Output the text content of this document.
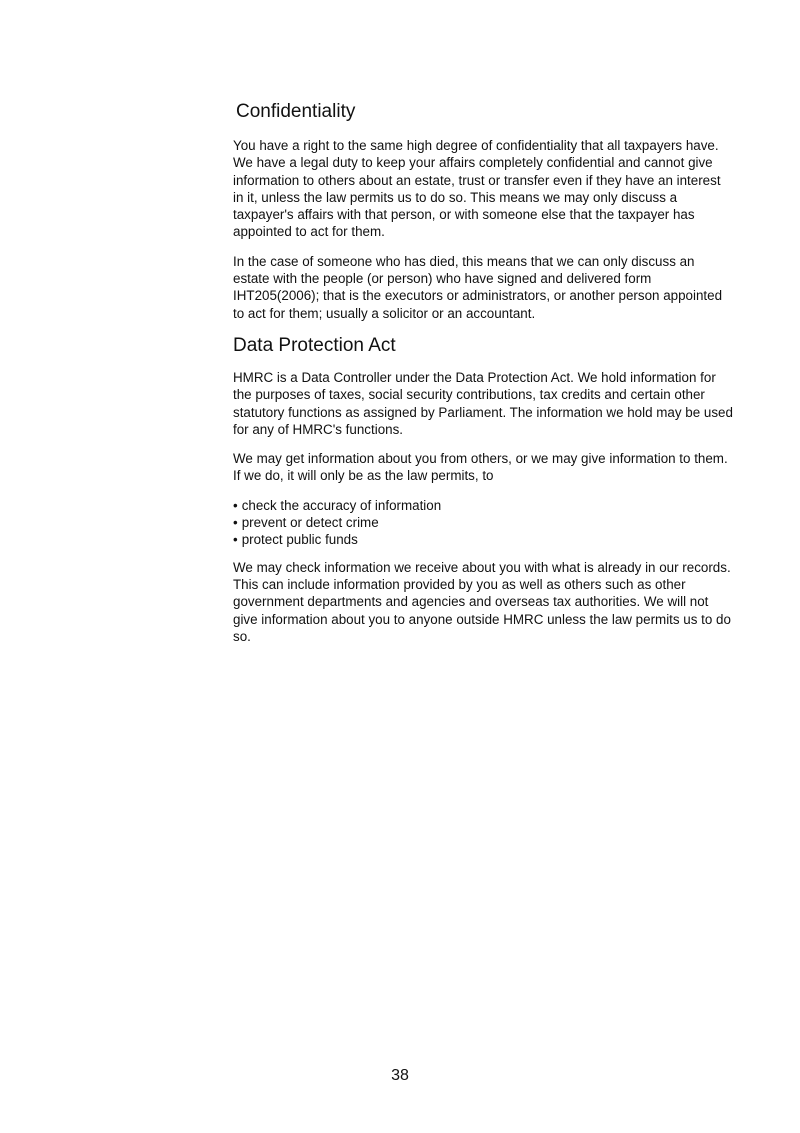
Confidentiality

You have a right to the same high degree of confidentiality that all taxpayers have. We have a legal duty to keep your affairs completely confidential and cannot give information to others about an estate, trust or transfer even if they have an interest in it, unless the law permits us to do so. This means we may only discuss a taxpayer's affairs with that person, or with someone else that the taxpayer has appointed to act for them.

In the case of someone who has died, this means that we can only discuss an estate with the people (or person) who have signed and delivered form IHT205(2006); that is the executors or administrators, or another person appointed to act for them; usually a solicitor or an accountant.

Data Protection Act

HMRC is a Data Controller under the Data Protection Act. We hold information for the purposes of taxes, social security contributions, tax credits and certain other statutory functions as assigned by Parliament. The information we hold may be used for any of HMRC's functions.

We may get information about you from others, or we may give information to them. If we do, it will only be as the law permits, to

• check the accuracy of information
• prevent or detect crime
• protect public funds

We may check information we receive about you with what is already in our records. This can include information provided by you as well as others such as other government departments and agencies and overseas tax authorities. We will not give information about you to anyone outside HMRC unless the law permits us to do so.

38
